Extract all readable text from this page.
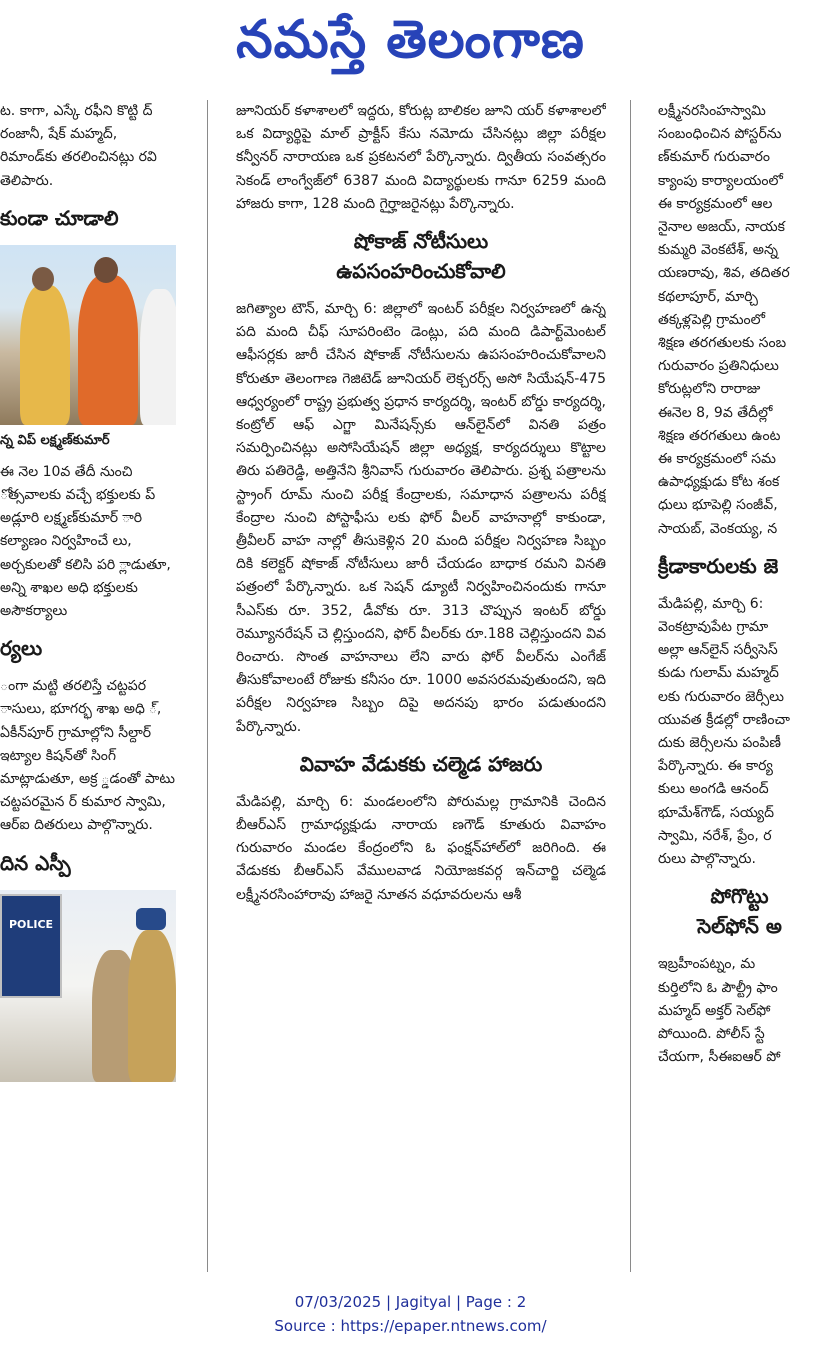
నమస్తే తెలంగాణ

ట. కాగా, ఎస్కే రఫీని కొట్టి ద్ రంజానీ, షేక్ మహ్మద్, రిమాండ్‌కు తరలించినట్లు రవి తెలిపారు.

కుండా చూడాలి
న్న విప్ లక్ష్మణ్‌కుమార్

ఈ నెల 10వ తేదీ నుంచి ోత్సవాలకు వచ్చే భక్తులకు ప్ అడ్లూరి లక్ష్మణ్‌కుమార్ ారి కల్యాణం నిర్వహించే లు, అర్చకులతో కలిసి పరి ్లాడుతూ, అన్ని శాఖల అధి భక్తులకు అసౌకర్యాలు

ర్యలు

ంగా మట్టి తరలిస్తే చట్టపర ాసులు, భూగర్భ శాఖ అధి ్, ఏకీన్‌పూర్ గ్రామాల్లోని సీల్దార్ ఇట్యాల కిషన్‌తో సింగ్ మాట్లాడుతూ, అక్ర ్డడంతో పాటు చట్టపరమైన ర్ కుమార స్వామి, ఆర్‌ఐ దితరులు పాల్గొన్నారు.

దిన ఎస్పీ
POLICE

జూనియర్ కళాశాలలో ఇద్దరు, కోరుట్ల బాలికల జూని యర్ కళాశాలలో ఒక విద్యార్థిపై మాల్ ప్రాక్టీస్ కేసు నమోదు చేసినట్లు జిల్లా పరీక్షల కన్వీనర్ నారాయణ ఒక ప్రకటనలో పేర్కొన్నారు. ద్వితీయ సంవత్సరం సెకండ్ లాంగ్వేజ్‌లో 6387 మంది విద్యార్థులకు గానూ 6259 మంది హాజరు కాగా, 128 మంది గైర్హాజరైనట్లు పేర్కొన్నారు.

షోకాజ్ నోటీసులు
ఉపసంహరించుకోవాలి

జగిత్యాల టౌన్, మార్చి 6: జిల్లాలో ఇంటర్ పరీక్షల నిర్వహణలో ఉన్న పది మంది చీఫ్ సూపరింటెం డెంట్లు, పది మంది డిపార్ట్‌మెంటల్ ఆఫీసర్లకు జారీ చేసిన షోకాజ్ నోటీసులను ఉపసంహరించుకోవాలని కోరుతూ తెలంగాణ గెజిటెడ్ జూనియర్ లెక్చరర్స్ అసో సియేషన్-475 ఆధ్వర్యంలో రాష్ట్ర ప్రభుత్వ ప్రధాన కార్యదర్శి, ఇంటర్ బోర్డు కార్యదర్శి, కంట్రోల్ ఆఫ్ ఎగ్జా మినేషన్స్‌కు ఆన్‌లైన్‌లో వినతి పత్రం సమర్పించినట్లు అసోసియేషన్ జిల్లా అధ్యక్ష, కార్యదర్శులు కొట్టాల తిరు పతిరెడ్డి, అత్తినేని శ్రీనివాస్ గురువారం తెలిపారు. ప్రశ్న పత్రాలను స్ట్రాంగ్ రూమ్ నుంచి పరీక్ష కేంద్రాలకు, సమాధాన పత్రాలను పరీక్ష కేంద్రాల నుంచి పోస్టాఫీసు లకు ఫోర్ వీలర్ వాహనాల్లో కాకుండా, త్రీవీలర్ వాహ నాల్లో తీసుకెళ్లిన 20 మంది పరీక్షల నిర్వహణ సిబ్బం దికి కలెక్టర్ షోకాజ్ నోటీసులు జారీ చేయడం బాధాక రమని వినతి పత్రంలో పేర్కొన్నారు. ఒక సెషన్ డ్యూటీ నిర్వహించినందుకు గానూ సీఎస్‌కు రూ. 352, డీవోకు రూ. 313 చొప్పున ఇంటర్ బోర్డు రెమ్యూనరేషన్ చె ల్లిస్తుందని, ఫోర్ వీలర్‌కు రూ.188 చెల్లిస్తుందని వివ రించారు. సొంత వాహనాలు లేని వారు ఫోర్ వీలర్‌ను ఎంగేజ్ తీసుకోవాలంటే రోజుకు కనీసం రూ. 1000 అవసరమవుతుందని, ఇది పరీక్షల నిర్వహణ సిబ్బం దిపై అదనపు భారం పడుతుందని పేర్కొన్నారు.

వివాహ వేడుకకు చల్మెడ హాజరు

మేడిపల్లి, మార్చి 6: మండలంలోని పోరుమల్ల గ్రామానికి చెందిన బీఆర్‌ఎస్ గ్రామాధ్యక్షుడు నారాయ ణగౌడ్ కూతురు వివాహం గురువారం మండల కేంద్రంలోని ఓ ఫంక్షన్‌హాల్‌లో జరిగింది. ఈ వేడుకకు బీఆర్‌ఎస్ వేములవాడ నియోజకవర్గ ఇన్‌చార్జి చల్మెడ లక్ష్మీనరసింహారావు హాజరై నూతన వధూవరులను ఆశీ

లక్ష్మీనరసింహస్వామి

సంబంధించిన పోస్టర్‌ను

ణ్‌కుమార్ గురువారం

క్యాంపు కార్యాలయంలో

ఈ కార్యక్రమంలో ఆల

నైనాల అజయ్, నాయక

కుమ్మరి వెంకటేశ్, అన్న

యణరావు, శివ, తదితర

కథలాపూర్, మార్చి

తక్కళ్లపెల్లి గ్రామంలో

శిక్షణ తరగతులకు సంబ

గురువారం ప్రతినిధులు

కోరుట్లలోని రారాజు

ఈనెల 8, 9వ తేదీల్లో

శిక్షణ తరగతులు ఉంట

ఈ కార్యక్రమంలో సమ

ఉపాధ్యక్షుడు కోట శంక

ధులు భూపెల్లి సంజీవ్,

సాయబ్, వెంకయ్య, న

క్రీడాకారులకు జె

మేడిపల్లి, మార్చి 6:

వెంకట్రావుపేట గ్రామా

అల్లా ఆన్‌లైన్ సర్వీసెస్

కుడు గులామ్ మహ్మద్

లకు గురువారం జెర్సీలు

యువత క్రీడల్లో రాణించా

దుకు జెర్సీలను పంపిణీ

పేర్కొన్నారు. ఈ కార్య

కులు అంగడి ఆనంద్

భూమేశ్‌గౌడ్, సయ్యద్

స్వామి, నరేశ్, ప్రేం, ర

రులు పాల్గొన్నారు.

పోగొట్టు
సెల్‌ఫోన్ అ

ఇబ్రహీంపట్నం, మ

కుర్తిలోని ఓ పౌల్ట్రీ ఫాం

మహ్మద్ అక్తర్ సెల్‌ఫో

పోయింది. పోలీస్ స్టే

చేయగా, సీఈఐఆర్ పో

07/03/2025 | Jagityal | Page : 2
Source : https://epaper.ntnews.com/
